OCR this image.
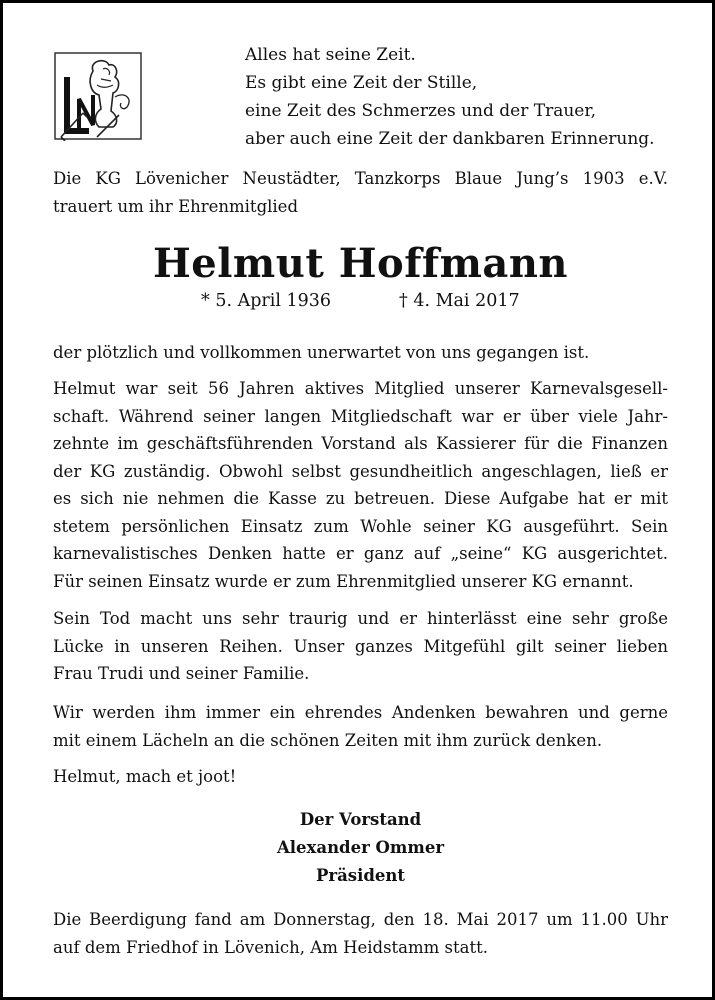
Alles hat seine Zeit.
Es gibt eine Zeit der Stille,
eine Zeit des Schmerzes und der Trauer,
aber auch eine Zeit der dankbaren Erinnerung.
Die KG Lövenicher Neustädter, Tanzkorps Blaue Jung’s 1903 e.V.
trauert um ihr Ehrenmitglied
Helmut Hoffmann
* 5. April 1936	† 4. Mai 2017
der plötzlich und vollkommen unerwartet von uns gegangen ist.
Helmut war seit 56 Jahren aktives Mitglied unserer Karnevalsgesell-
schaft. Während seiner langen Mitgliedschaft war er über viele Jahr-
zehnte im geschäftsführenden Vorstand als Kassierer für die Finanzen
der KG zuständig. Obwohl selbst gesundheitlich angeschlagen, ließ er
es sich nie nehmen die Kasse zu betreuen. Diese Aufgabe hat er mit
stetem persönlichen Einsatz zum Wohle seiner KG ausgeführt. Sein
karnevalistisches Denken hatte er ganz auf „seine“ KG ausgerichtet.
Für seinen Einsatz wurde er zum Ehrenmitglied unserer KG ernannt.
Sein Tod macht uns sehr traurig und er hinterlässt eine sehr große
Lücke in unseren Reihen. Unser ganzes Mitgefühl gilt seiner lieben
Frau Trudi und seiner Familie.
Wir werden ihm immer ein ehrendes Andenken bewahren und gerne
mit einem Lächeln an die schönen Zeiten mit ihm zurück denken.
Helmut, mach et joot!
Der Vorstand
Alexander Ommer
Präsident
Die Beerdigung fand am Donnerstag, den 18. Mai 2017 um 11.00 Uhr
auf dem Friedhof in Lövenich, Am Heidstamm statt.
